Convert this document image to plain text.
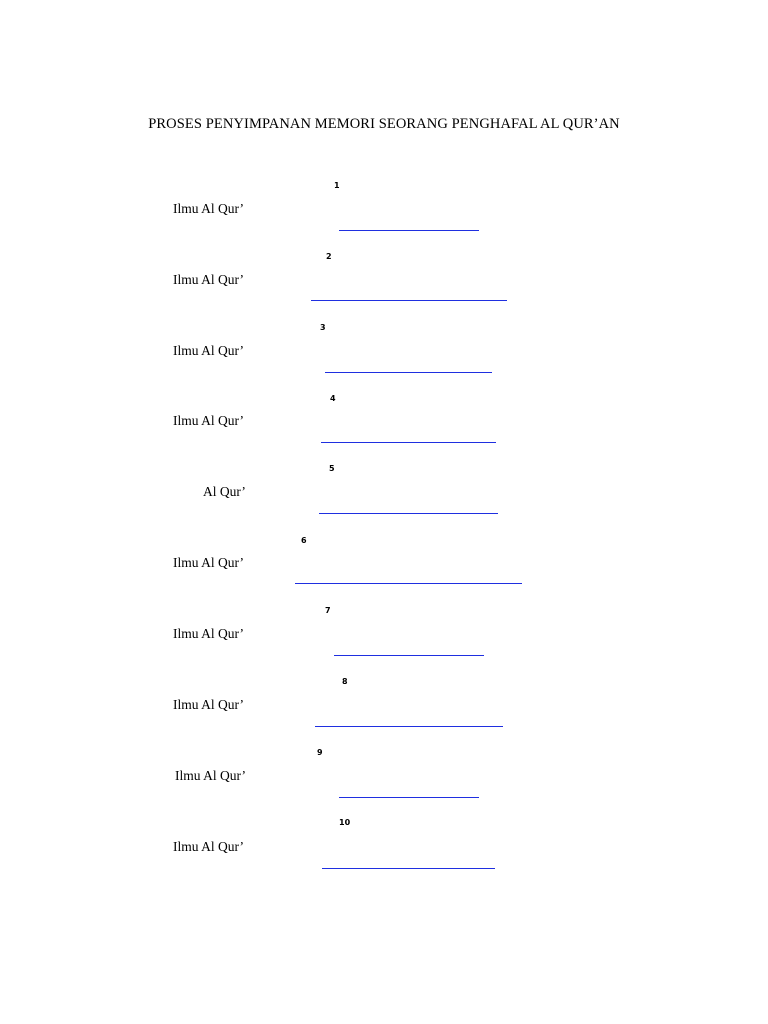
PROSES PENYIMPANAN MEMORI SEORANG PENGHAFAL AL QUR’AN
1
Ilmu Al Qur’
2
Ilmu Al Qur’
3
Ilmu Al Qur’
4
Ilmu Al Qur’
5
Al Qur’
6
Ilmu Al Qur’
7
Ilmu Al Qur’
8
Ilmu Al Qur’
9
Ilmu Al Qur’
10
Ilmu Al Qur’
